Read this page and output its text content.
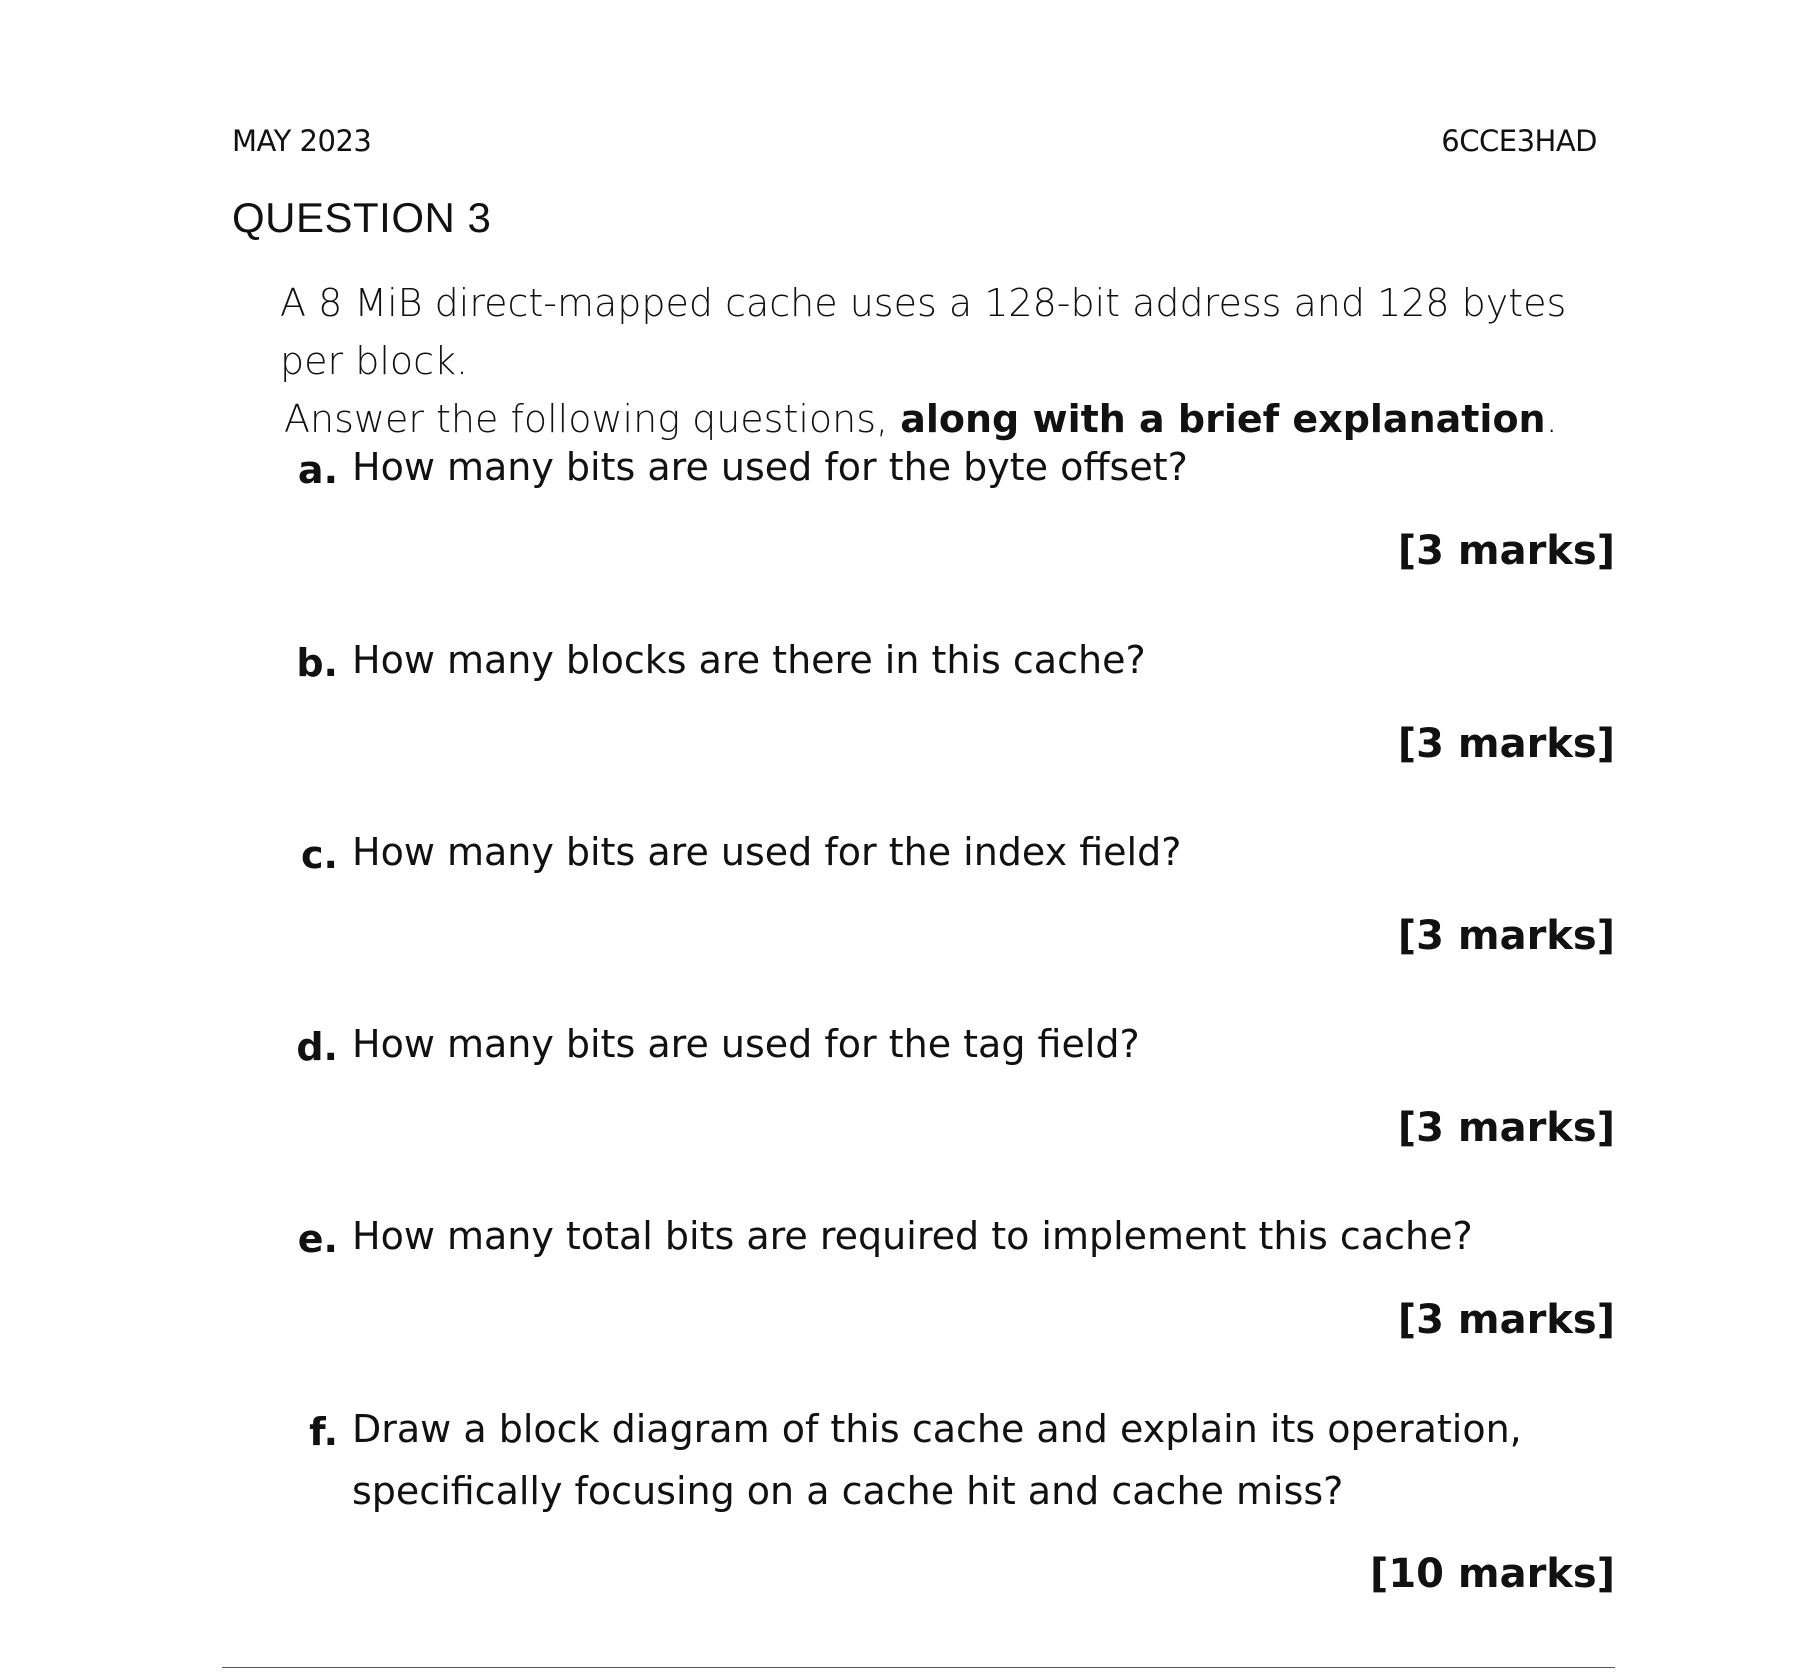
MAY 2023	6CCE3HAD
QUESTION 3
A 8 MiB direct-mapped cache uses a 128-bit address and 128 bytes per block.
Answer the following questions, along with a brief explanation.
a. How many bits are used for the byte offset?
[3 marks]
b. How many blocks are there in this cache?
[3 marks]
c. How many bits are used for the index field?
[3 marks]
d. How many bits are used for the tag field?
[3 marks]
e. How many total bits are required to implement this cache?
[3 marks]
f. Draw a block diagram of this cache and explain its operation, specifically focusing on a cache hit and cache miss?
[10 marks]
